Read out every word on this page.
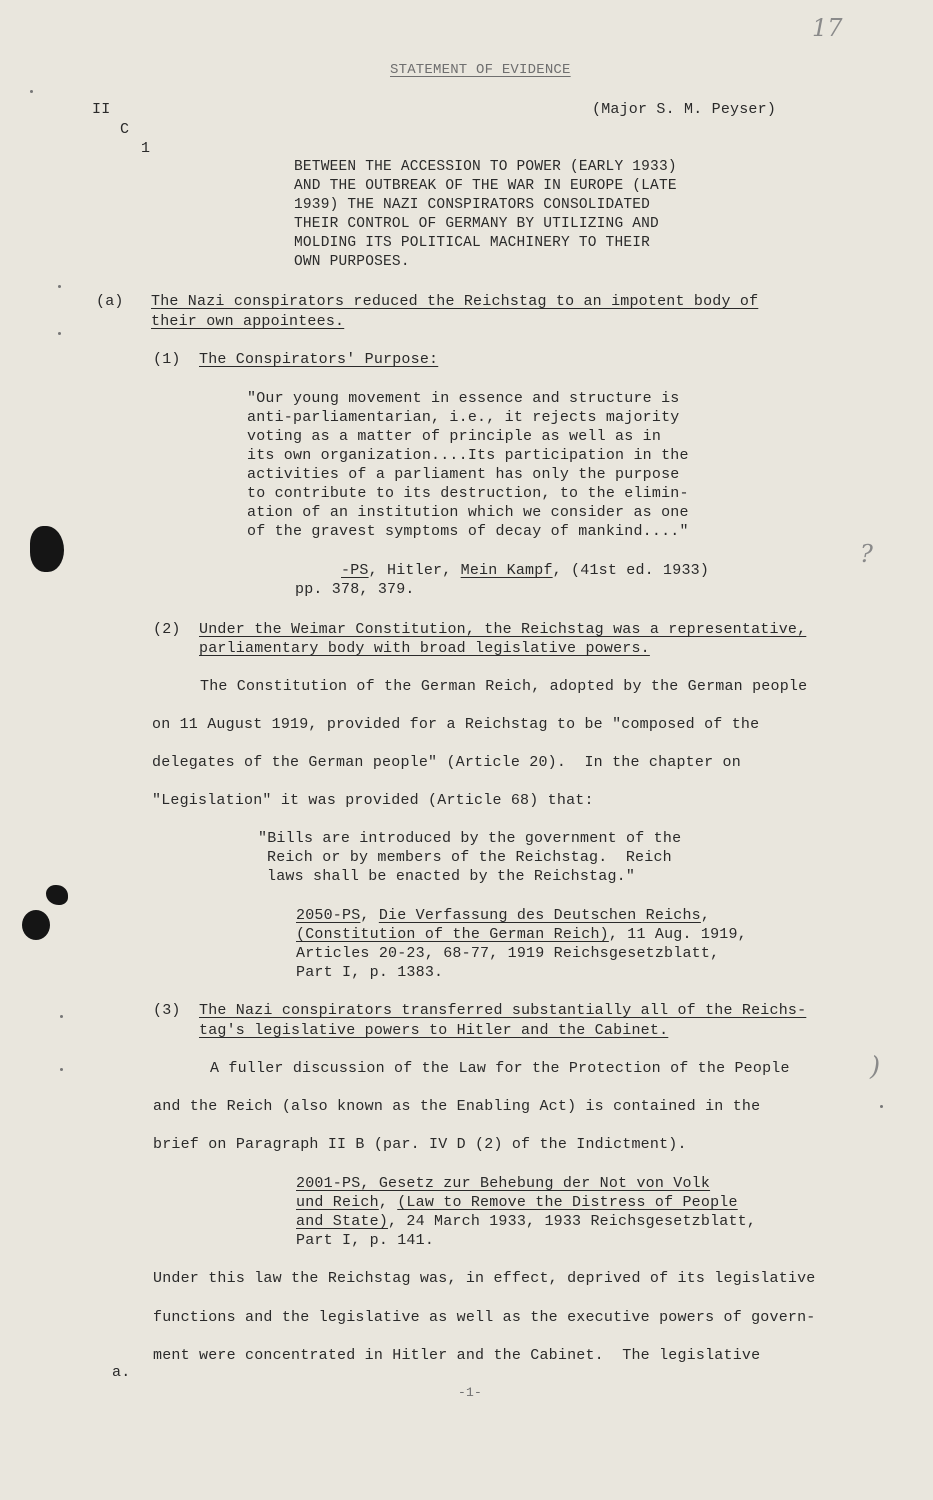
17
STATEMENT OF EVIDENCE
II	(Major S. M. Peyser)
C
1
BETWEEN THE ACCESSION TO POWER (EARLY 1933)
AND THE OUTBREAK OF THE WAR IN EUROPE (LATE
1939) THE NAZI CONSPIRATORS CONSOLIDATED
THEIR CONTROL OF GERMANY BY UTILIZING AND
MOLDING ITS POLITICAL MACHINERY TO THEIR
OWN PURPOSES.
(a) The Nazi conspirators reduced the Reichstag to an impotent body of
their own appointees.
(1) The Conspirators' Purpose:
"Our young movement in essence and structure is
anti-parliamentarian, i.e., it rejects majority
voting as a matter of principle as well as in
its own organization....Its participation in the
activities of a parliament has only the purpose
to contribute to its destruction, to the elimin-
ation of an institution which we consider as one
of the gravest symptoms of decay of mankind...."
-PS, Hitler, Mein Kampf, (41st ed. 1933)
pp. 378, 379.
(2) Under the Weimar Constitution, the Reichstag was a representative,
parliamentary body with broad legislative powers.
The Constitution of the German Reich, adopted by the German people
on 11 August 1919, provided for a Reichstag to be "composed of the
delegates of the German people" (Article 20).  In the chapter on
"Legislation" it was provided (Article 68) that:
"Bills are introduced by the government of the
Reich or by members of the Reichstag.  Reich
laws shall be enacted by the Reichstag."
2050-PS, Die Verfassung des Deutschen Reichs,
(Constitution of the German Reich), 11 Aug. 1919,
Articles 20-23, 68-77, 1919 Reichsgesetzblatt,
Part I, p. 1383.
(3) The Nazi conspirators transferred substantially all of the Reichs-
tag's legislative powers to Hitler and the Cabinet.
A fuller discussion of the Law for the Protection of the People
and the Reich (also known as the Enabling Act) is contained in the
brief on Paragraph II B (par. IV D (2) of the Indictment).
2001-PS, Gesetz zur Behebung der Not von Volk
und Reich, (Law to Remove the Distress of People
and State), 24 March 1933, 1933 Reichsgesetzblatt,
Part I, p. 141.
Under this law the Reichstag was, in effect, deprived of its legislative
functions and the legislative as well as the executive powers of govern-
ment were concentrated in Hitler and the Cabinet.  The legislative
a.
-1-
?
)
